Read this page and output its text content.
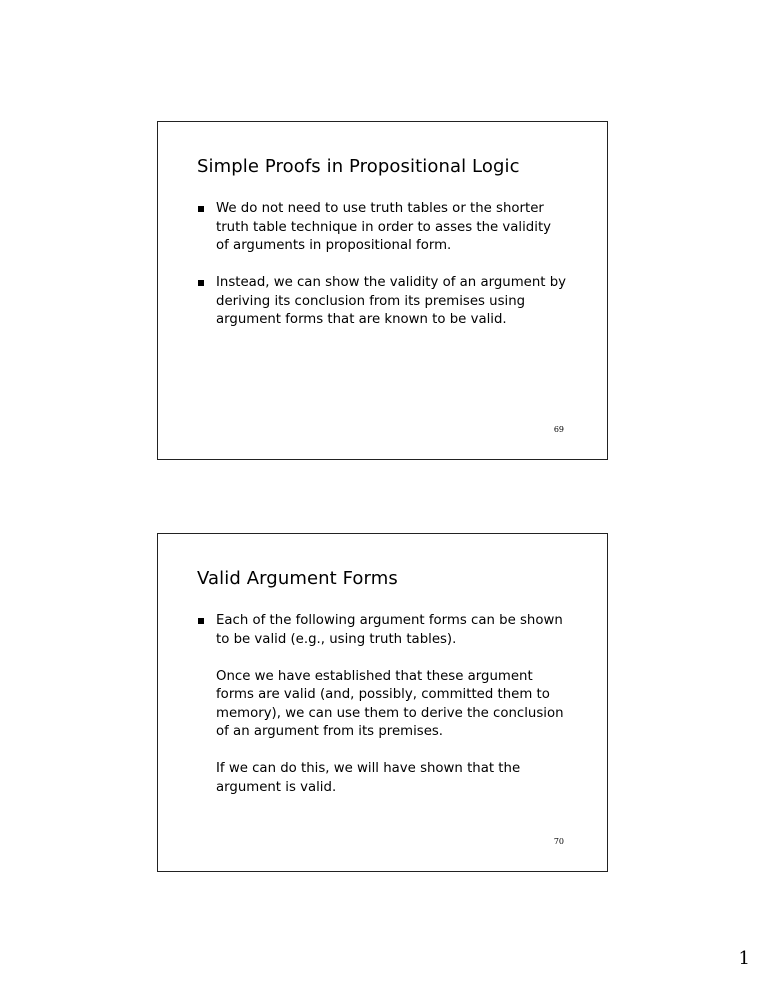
Simple Proofs in Propositional Logic
We do not need to use truth tables or the shorter truth table technique in order to asses the validity of arguments in propositional form.
Instead, we can show the validity of an argument by deriving its conclusion from its premises using argument forms that are known to be valid.
69
Valid Argument Forms
Each of the following argument forms can be shown to be valid (e.g., using truth tables).
Once we have established that these argument forms are valid (and, possibly, committed them to memory), we can use them to derive the conclusion of an argument from its premises.
If we can do this, we will have shown that the argument is valid.
70
1
